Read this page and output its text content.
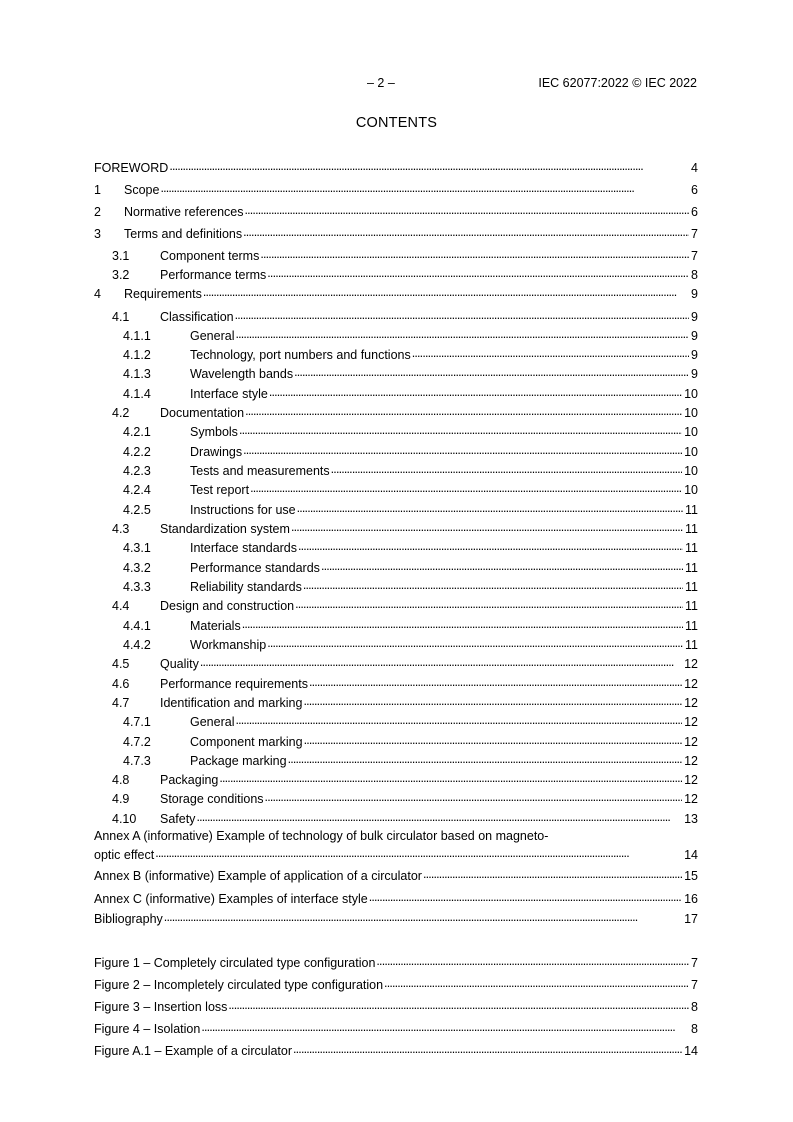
– 2 –	IEC 62077:2022 © IEC 2022
CONTENTS
FOREWORD . . .	4
1	Scope . . .	6
2	Normative references . . .	6
3	Terms and definitions . . .	7
3.1	Component terms . . .	7
3.2	Performance terms . . .	8
4	Requirements . . .	9
4.1	Classification . . .	9
4.1.1	General . . .	9
4.1.2	Technology, port numbers and functions . . .	9
4.1.3	Wavelength bands . . .	9
4.1.4	Interface style . . .	10
4.2	Documentation . . .	10
4.2.1	Symbols . . .	10
4.2.2	Drawings . . .	10
4.2.3	Tests and measurements . . .	10
4.2.4	Test report . . .	10
4.2.5	Instructions for use . . .	11
4.3	Standardization system . . .	11
4.3.1	Interface standards . . .	11
4.3.2	Performance standards . . .	11
4.3.3	Reliability standards . . .	11
4.4	Design and construction . . .	11
4.4.1	Materials . . .	11
4.4.2	Workmanship . . .	11
4.5	Quality . . .	12
4.6	Performance requirements . . .	12
4.7	Identification and marking . . .	12
4.7.1	General . . .	12
4.7.2	Component marking . . .	12
4.7.3	Package marking . . .	12
4.8	Packaging . . .	12
4.9	Storage conditions . . .	12
4.10	Safety . . .	13
Annex A (informative) Example of technology of bulk circulator based on magneto-
optic effect . . .	14
Annex B (informative) Example of application of a circulator . . .	15
Annex C (informative) Examples of interface style . . .	16
Bibliography . . .	17
Figure 1 – Completely circulated type configuration . . .	7
Figure 2 – Incompletely circulated type configuration . . .	7
Figure 3 – Insertion loss . . .	8
Figure 4 – Isolation . . .	8
Figure A.1 – Example of a circulator . . .	14
